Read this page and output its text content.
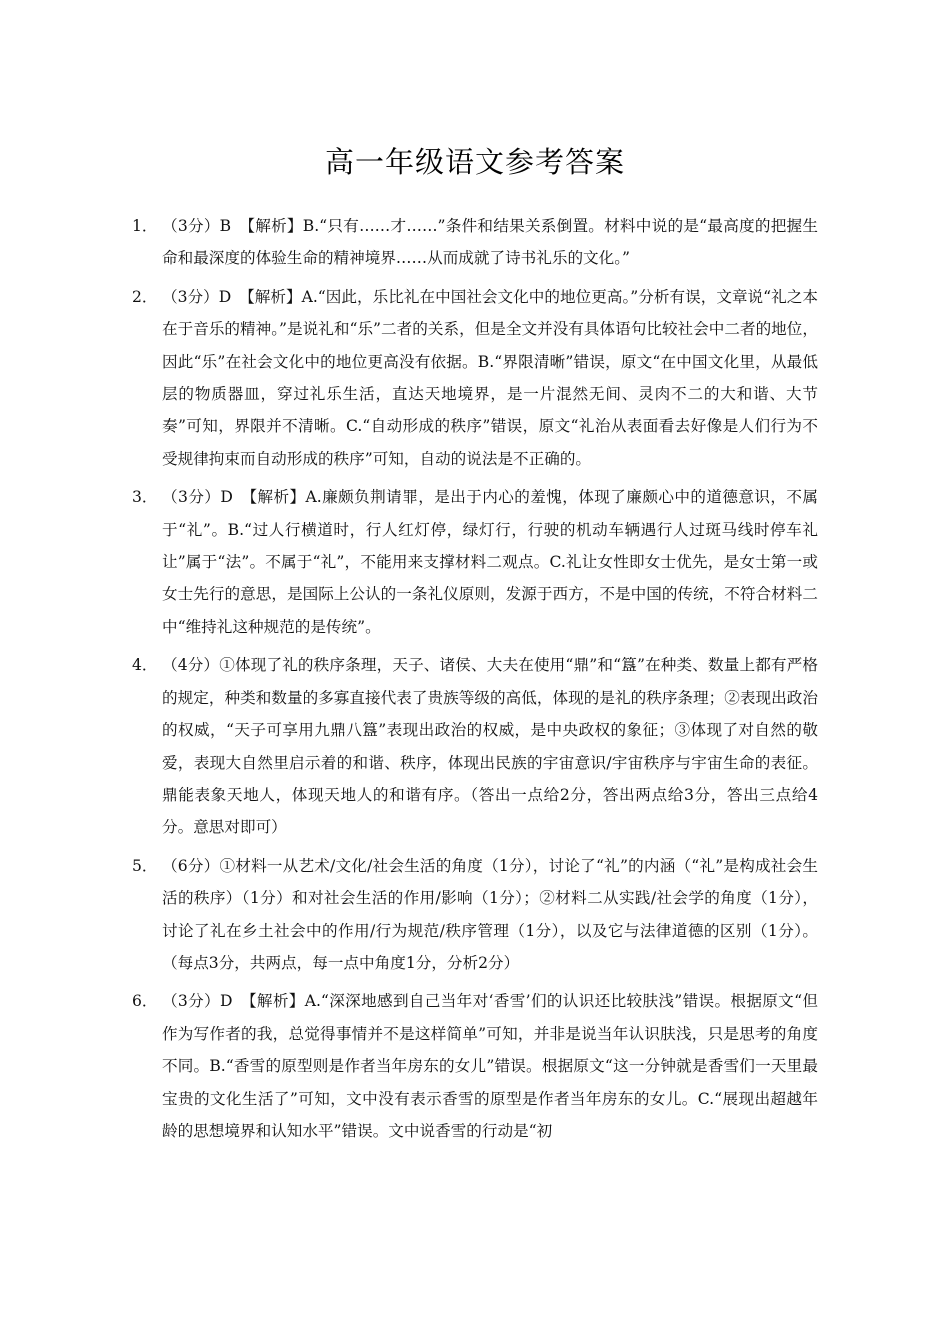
高一年级语文参考答案
1． （3分）B　【解析】B.“只有……才……”条件和结果关系倒置。材料中说的是“最高度的把握生命和最深度的体验生命的精神境界……从而成就了诗书礼乐的文化。”
2． （3分）D　【解析】A.“因此，乐比礼在中国社会文化中的地位更高。”分析有误，文章说“礼之本在于音乐的精神。”是说礼和“乐”二者的关系，但是全文并没有具体语句比较社会中二者的地位，因此“乐”在社会文化中的地位更高没有依据。B.“界限清晰”错误，原文“在中国文化里，从最低层的物质器皿，穿过礼乐生活，直达天地境界，是一片混然无间、灵肉不二的大和谐、大节奏”可知，界限并不清晰。C.“自动形成的秩序”错误，原文“礼治从表面看去好像是人们行为不受规律拘束而自动形成的秩序”可知，自动的说法是不正确的。
3． （3分）D　【解析】A.廉颇负荆请罪，是出于内心的羞愧，体现了廉颇心中的道德意识，不属于“礼”。B.“过人行横道时，行人红灯停，绿灯行，行驶的机动车辆遇行人过斑马线时停车礼让”属于“法”。不属于“礼”，不能用来支撑材料二观点。C.礼让女性即女士优先，是女士第一或女士先行的意思，是国际上公认的一条礼仪原则，发源于西方，不是中国的传统，不符合材料二中“维持礼这种规范的是传统”。
4． （4分）①体现了礼的秩序条理，天子、诸侯、大夫在使用“鼎”和“簋”在种类、数量上都有严格的规定，种类和数量的多寡直接代表了贵族等级的高低，体现的是礼的秩序条理；②表现出政治的权威，“天子可享用九鼎八簋”表现出政治的权威，是中央政权的象征；③体现了对自然的敬爱，表现大自然里启示着的和谐、秩序，体现出民族的宇宙意识/宇宙秩序与宇宙生命的表征。鼎能表象天地人，体现天地人的和谐有序。（答出一点给2分，答出两点给3分，答出三点给4分。意思对即可）
5． （6分）①材料一从艺术/文化/社会生活的角度（1分），讨论了“礼”的内涵（“礼”是构成社会生活的秩序）（1分）和对社会生活的作用/影响（1分）；②材料二从实践/社会学的角度（1分），讨论了礼在乡土社会中的作用/行为规范/秩序管理（1分），以及它与法律道德的区别（1分）。（每点3分，共两点，每一点中角度1分，分析2分）
6． （3分）D　【解析】A.“深深地感到自己当年对‘香雪’们的认识还比较肤浅”错误。根据原文“但作为写作者的我，总觉得事情并不是这样简单”可知，并非是说当年认识肤浅，只是思考的角度不同。B.“香雪的原型则是作者当年房东的女儿”错误。根据原文“这一分钟就是香雪们一天里最宝贵的文化生活了”可知，文中没有表示香雪的原型是作者当年房东的女儿。C.“展现出超越年龄的思想境界和认知水平”错误。文中说香雪的行动是“初
